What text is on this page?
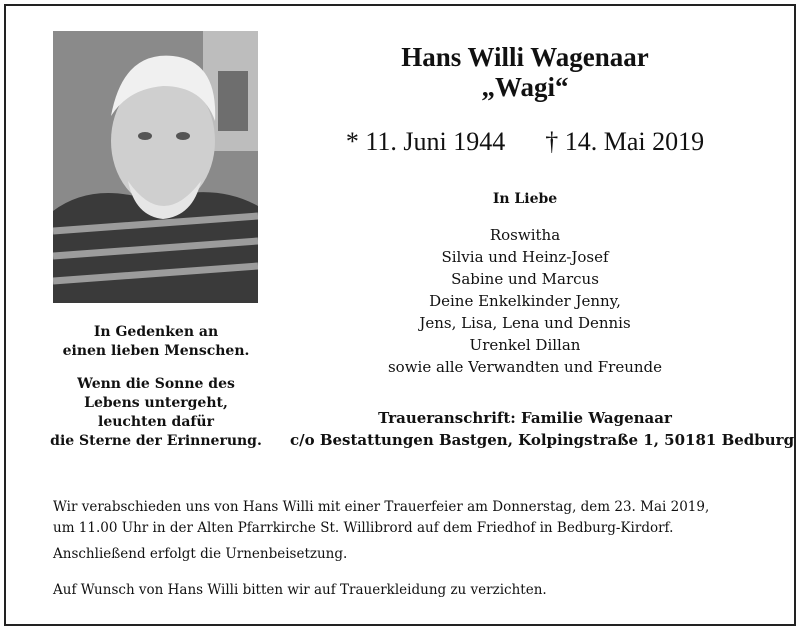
In Gedenken an
einen lieben Menschen.
Wenn die Sonne des
Lebens untergeht,
leuchten dafür
die Sterne der Erinnerung.
Hans Willi Wagenaar
„Wagi“
* 11. Juni 1944 † 14. Mai 2019
In Liebe
Roswitha
Silvia und Heinz-Josef
Sabine und Marcus
Deine Enkelkinder Jenny,
Jens, Lisa, Lena und Dennis
Urenkel Dillan
sowie alle Verwandten und Freunde
Traueranschrift: Familie Wagenaar
c/o Bestattungen Bastgen, Kolpingstraße 1, 50181 Bedburg
Wir verabschieden uns von Hans Willi mit einer Trauerfeier am Donnerstag, dem 23. Mai 2019,
um 11.00 Uhr in der Alten Pfarrkirche St. Willibrord auf dem Friedhof in Bedburg-Kirdorf.
Anschließend erfolgt die Urnenbeisetzung.
Auf Wunsch von Hans Willi bitten wir auf Trauerkleidung zu verzichten.
